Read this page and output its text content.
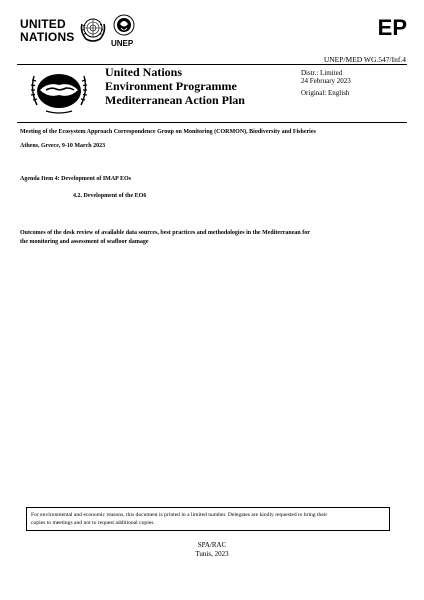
UNITED
NATIONS	UNEP
EP
UNEP/MED WG.547/Inf.4
United Nations
Environment Programme
Mediterranean Action Plan
Distr.: Limited
24 February 2023
Original: English
Meeting of the Ecosystem Approach Correspondence Group on Monitoring (CORMON), Biodiversity and Fisheries
Athens, Greece, 9-10 March 2023
Agenda Item 4: Development of IMAP EOs
4.2. Development of the EO6
Outcomes of the desk review of available data sources, best practices and methodologies in the Mediterranean for
the monitoring and assessment of seafloor damage
For environmental and economic reasons, this document is printed in a limited number. Delegates are kindly requested to bring their
copies to meetings and not to request additional copies.
SPA/RAC
Tunis, 2023
